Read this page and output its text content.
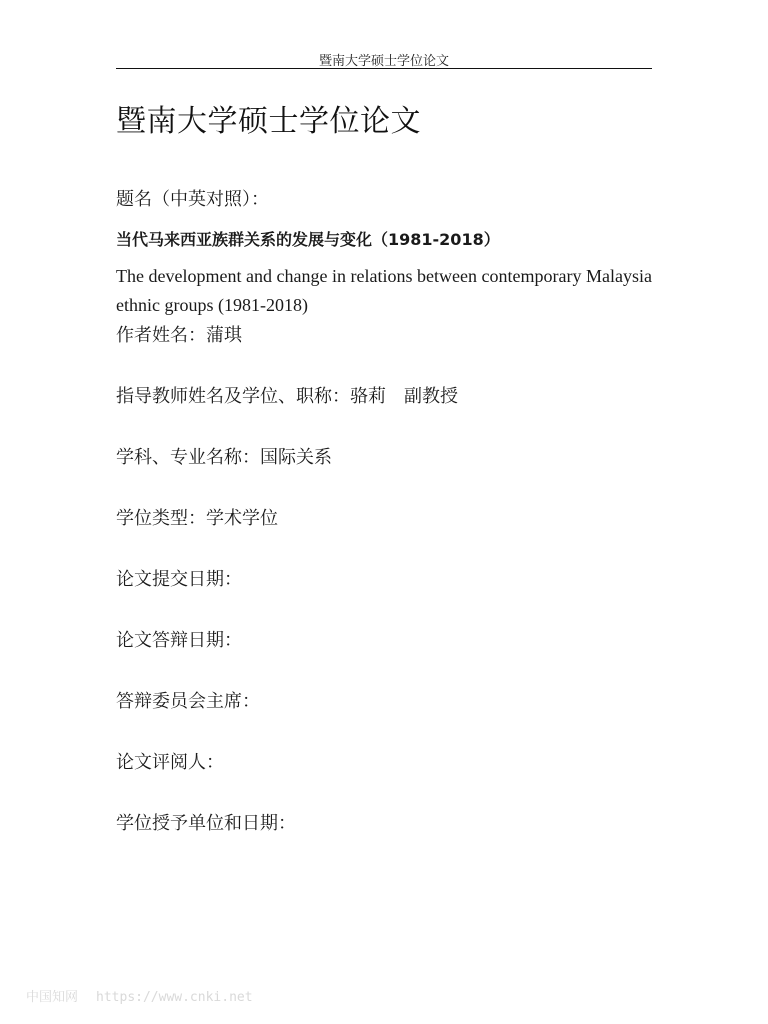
暨南大学硕士学位论文
暨南大学硕士学位论文
题名（中英对照）：
当代马来西亚族群关系的发展与变化（1981-2018）
The development and change in relations between contemporary Malaysia ethnic groups (1981-2018)
作者姓名：蒲琪
指导教师姓名及学位、职称：骆莉 副教授
学科、专业名称：国际关系
学位类型：学术学位
论文提交日期：
论文答辩日期：
答辩委员会主席：
论文评阅人：
学位授予单位和日期：
中国知网 https://www.cnki.net
